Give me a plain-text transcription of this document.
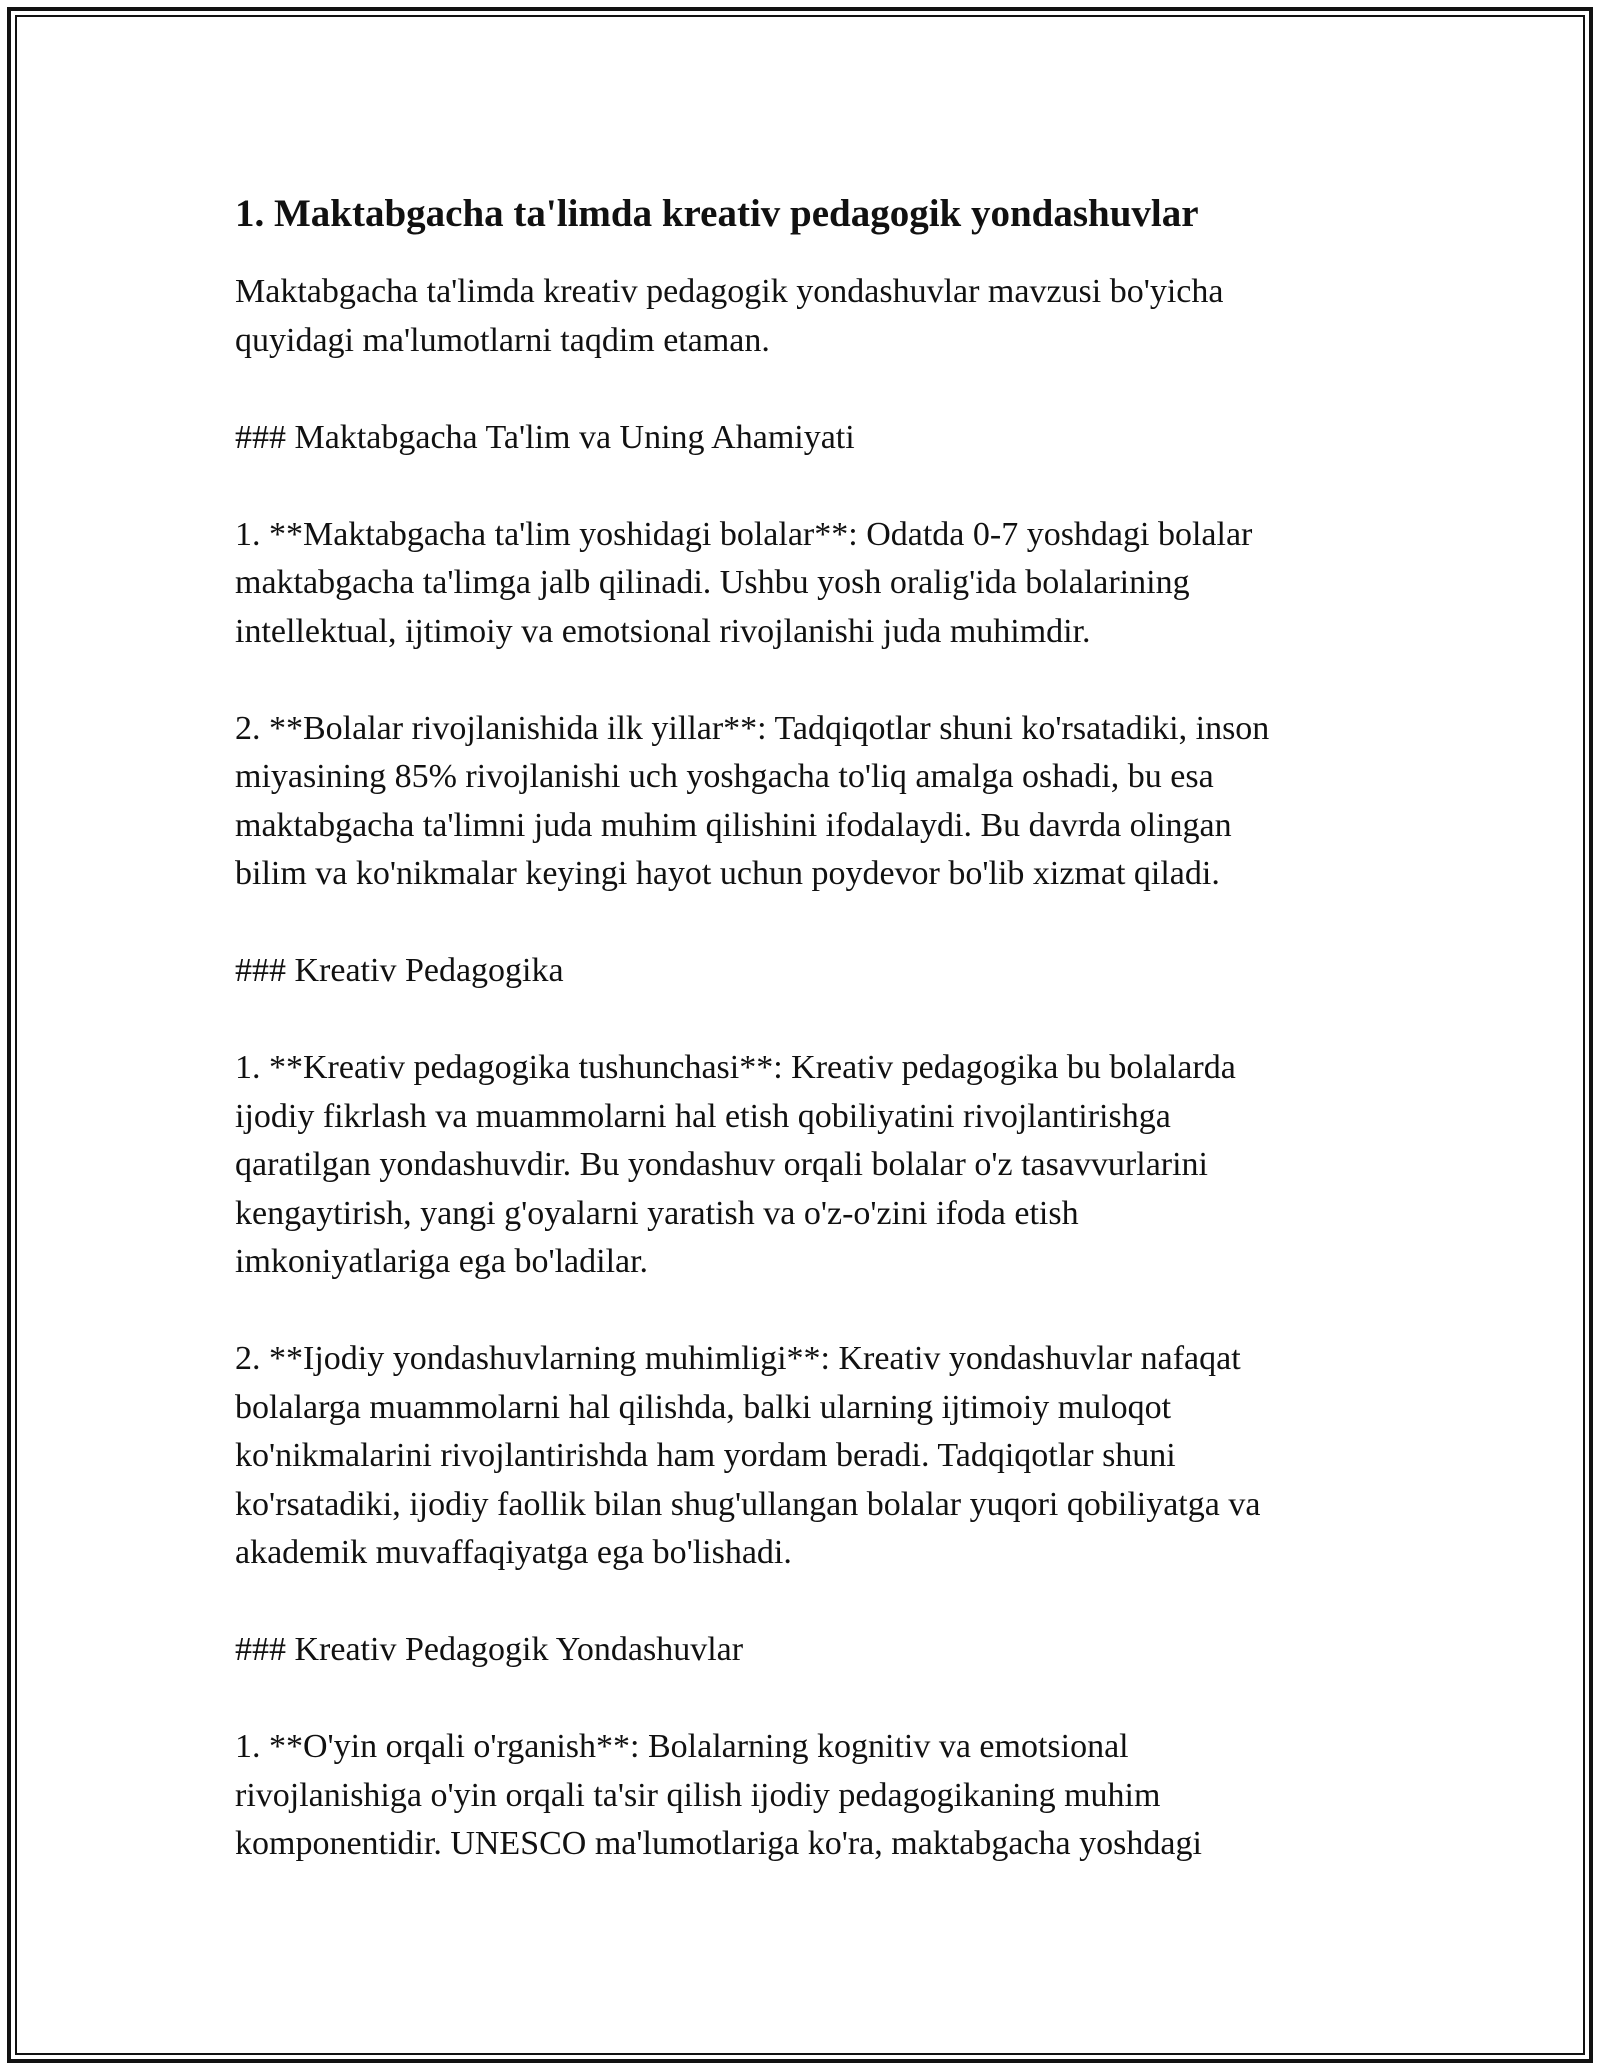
1. Maktabgacha ta'limda kreativ pedagogik yondashuvlar

Maktabgacha ta'limda kreativ pedagogik yondashuvlar mavzusi bo'yicha
quyidagi ma'lumotlarni taqdim etaman.

### Maktabgacha Ta'lim va Uning Ahamiyati

1. **Maktabgacha ta'lim yoshidagi bolalar**: Odatda 0-7 yoshdagi bolalar
maktabgacha ta'limga jalb qilinadi. Ushbu yosh oralig'ida bolalarining
intellektual, ijtimoiy va emotsional rivojlanishi juda muhimdir.

2. **Bolalar rivojlanishida ilk yillar**: Tadqiqotlar shuni ko'rsatadiki, inson
miyasining 85% rivojlanishi uch yoshgacha to'liq amalga oshadi, bu esa
maktabgacha ta'limni juda muhim qilishini ifodalaydi. Bu davrda olingan
bilim va ko'nikmalar keyingi hayot uchun poydevor bo'lib xizmat qiladi.

### Kreativ Pedagogika

1. **Kreativ pedagogika tushunchasi**: Kreativ pedagogika bu bolalarda
ijodiy fikrlash va muammolarni hal etish qobiliyatini rivojlantirishga
qaratilgan yondashuvdir. Bu yondashuv orqali bolalar o'z tasavvurlarini
kengaytirish, yangi g'oyalarni yaratish va o'z-o'zini ifoda etish
imkoniyatlariga ega bo'ladilar.

2. **Ijodiy yondashuvlarning muhimligi**: Kreativ yondashuvlar nafaqat
bolalarga muammolarni hal qilishda, balki ularning ijtimoiy muloqot
ko'nikmalarini rivojlantirishda ham yordam beradi. Tadqiqotlar shuni
ko'rsatadiki, ijodiy faollik bilan shug'ullangan bolalar yuqori qobiliyatga va
akademik muvaffaqiyatga ega bo'lishadi.

### Kreativ Pedagogik Yondashuvlar

1. **O'yin orqali o'rganish**: Bolalarning kognitiv va emotsional
rivojlanishiga o'yin orqali ta'sir qilish ijodiy pedagogikaning muhim
komponentidir. UNESCO ma'lumotlariga ko'ra, maktabgacha yoshdagi
